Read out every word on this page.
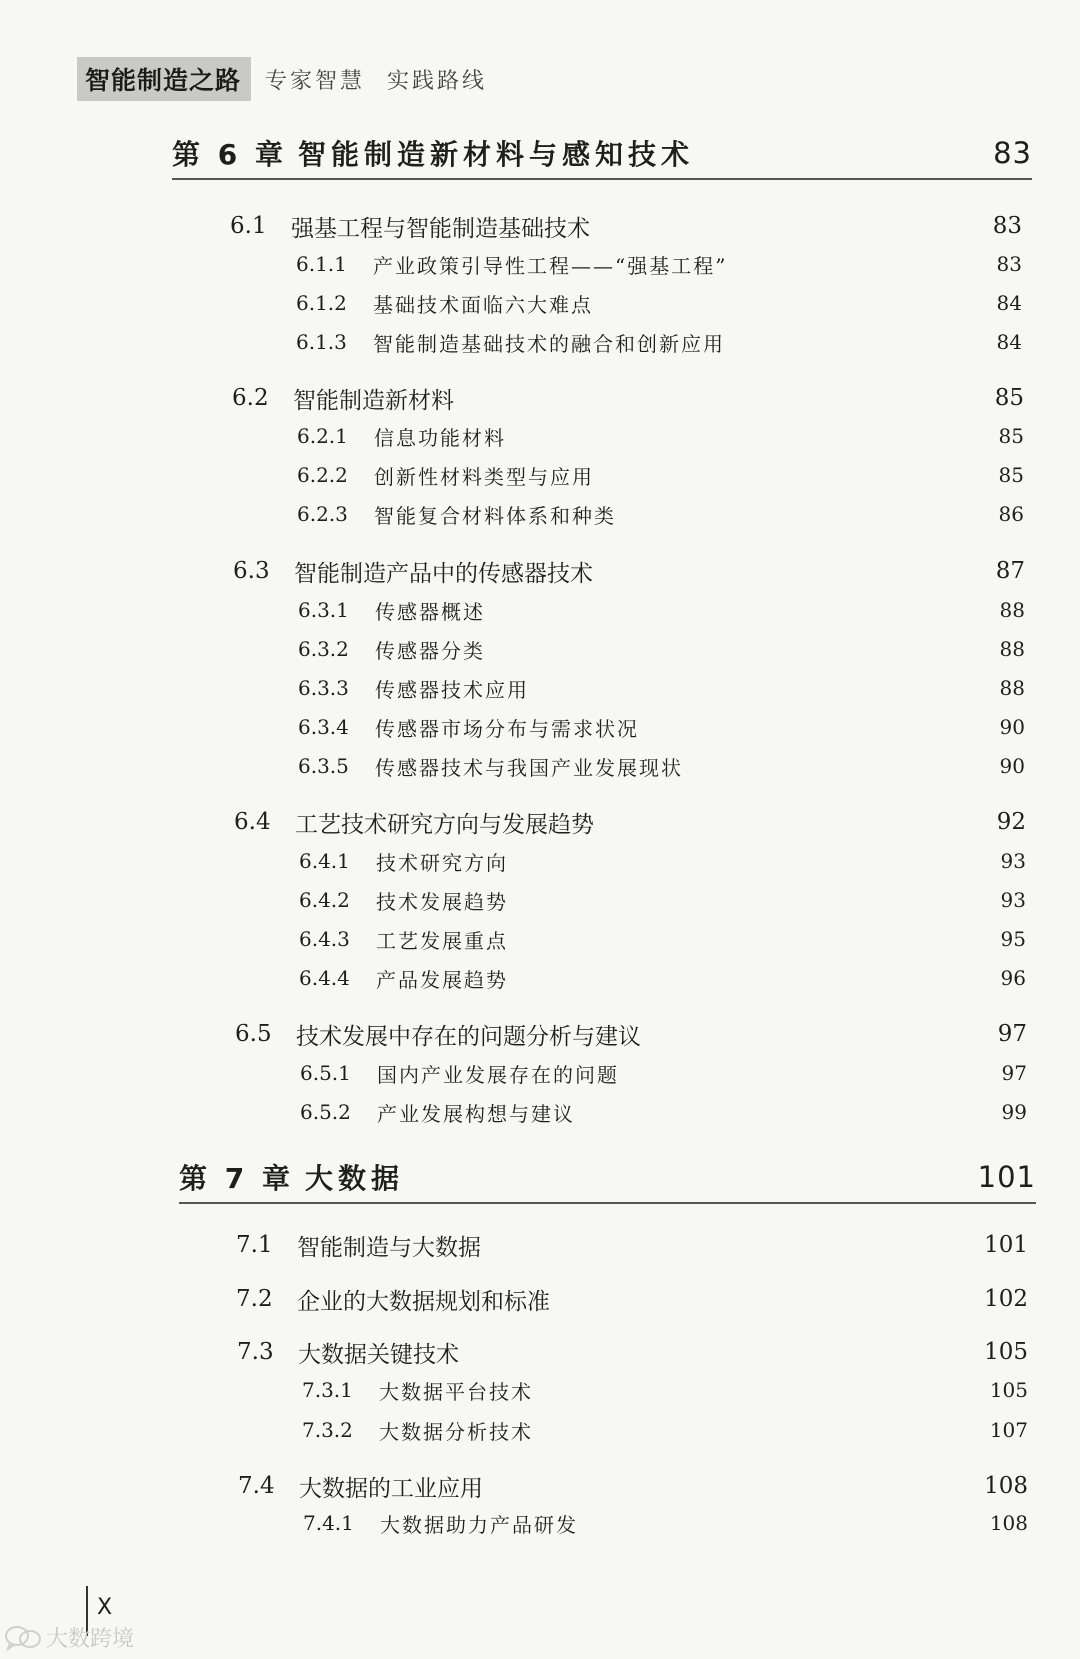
智能制造之路	专家智慧 实践路线
第 6 章 智能制造新材料与感知技术	83
6.1	强基工程与智能制造基础技术	83
6.1.1	产业政策引导性工程——“强基工程”	83
6.1.2	基础技术面临六大难点	84
6.1.3	智能制造基础技术的融合和创新应用	84
6.2	智能制造新材料	85
6.2.1	信息功能材料	85
6.2.2	创新性材料类型与应用	85
6.2.3	智能复合材料体系和种类	86
6.3	智能制造产品中的传感器技术	87
6.3.1	传感器概述	88
6.3.2	传感器分类	88
6.3.3	传感器技术应用	88
6.3.4	传感器市场分布与需求状况	90
6.3.5	传感器技术与我国产业发展现状	90
6.4	工艺技术研究方向与发展趋势	92
6.4.1	技术研究方向	93
6.4.2	技术发展趋势	93
6.4.3	工艺发展重点	95
6.4.4	产品发展趋势	96
6.5	技术发展中存在的问题分析与建议	97
6.5.1	国内产业发展存在的问题	97
6.5.2	产业发展构想与建议	99
第 7 章 大数据	101
7.1	智能制造与大数据	101
7.2	企业的大数据规划和标准	102
7.3	大数据关键技术	105
7.3.1	大数据平台技术	105
7.3.2	大数据分析技术	107
7.4	大数据的工业应用	108
7.4.1	大数据助力产品研发	108
X
大数跨境
